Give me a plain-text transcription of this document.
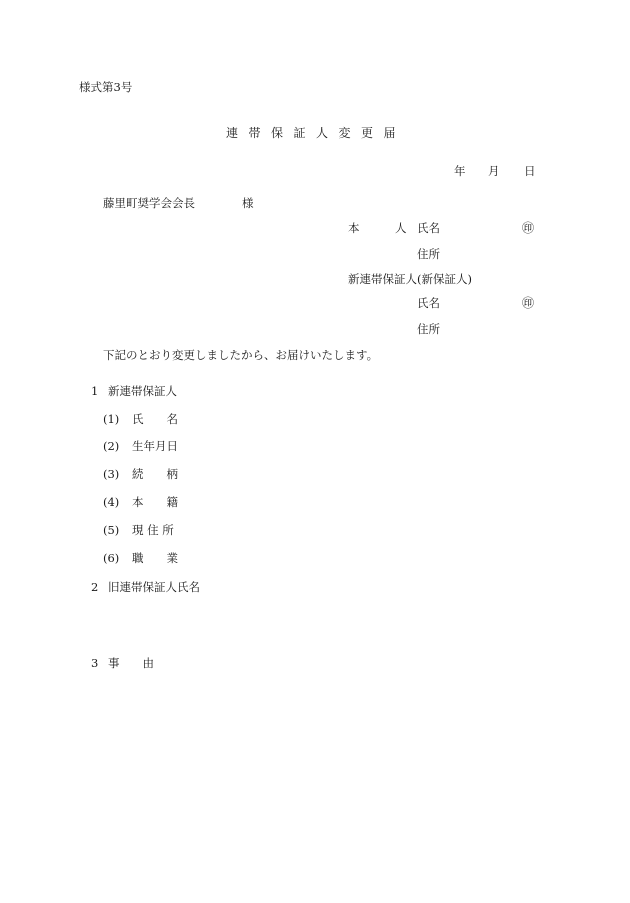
様式第3号
連帯保証人変更届
年 月 日
藤里町奨学会会長	様
本	人 氏名	㊞
住所
新連帯保証人(新保証人)
氏名	㊞
住所
下記のとおり変更しましたから、お届けいたします。
1 新連帯保証人
(1) 氏　　名
(2) 生年月日
(3) 続　　柄
(4) 本　　籍
(5) 現 住 所
(6) 職　　業
2 旧連帯保証人氏名
3 事　　由
